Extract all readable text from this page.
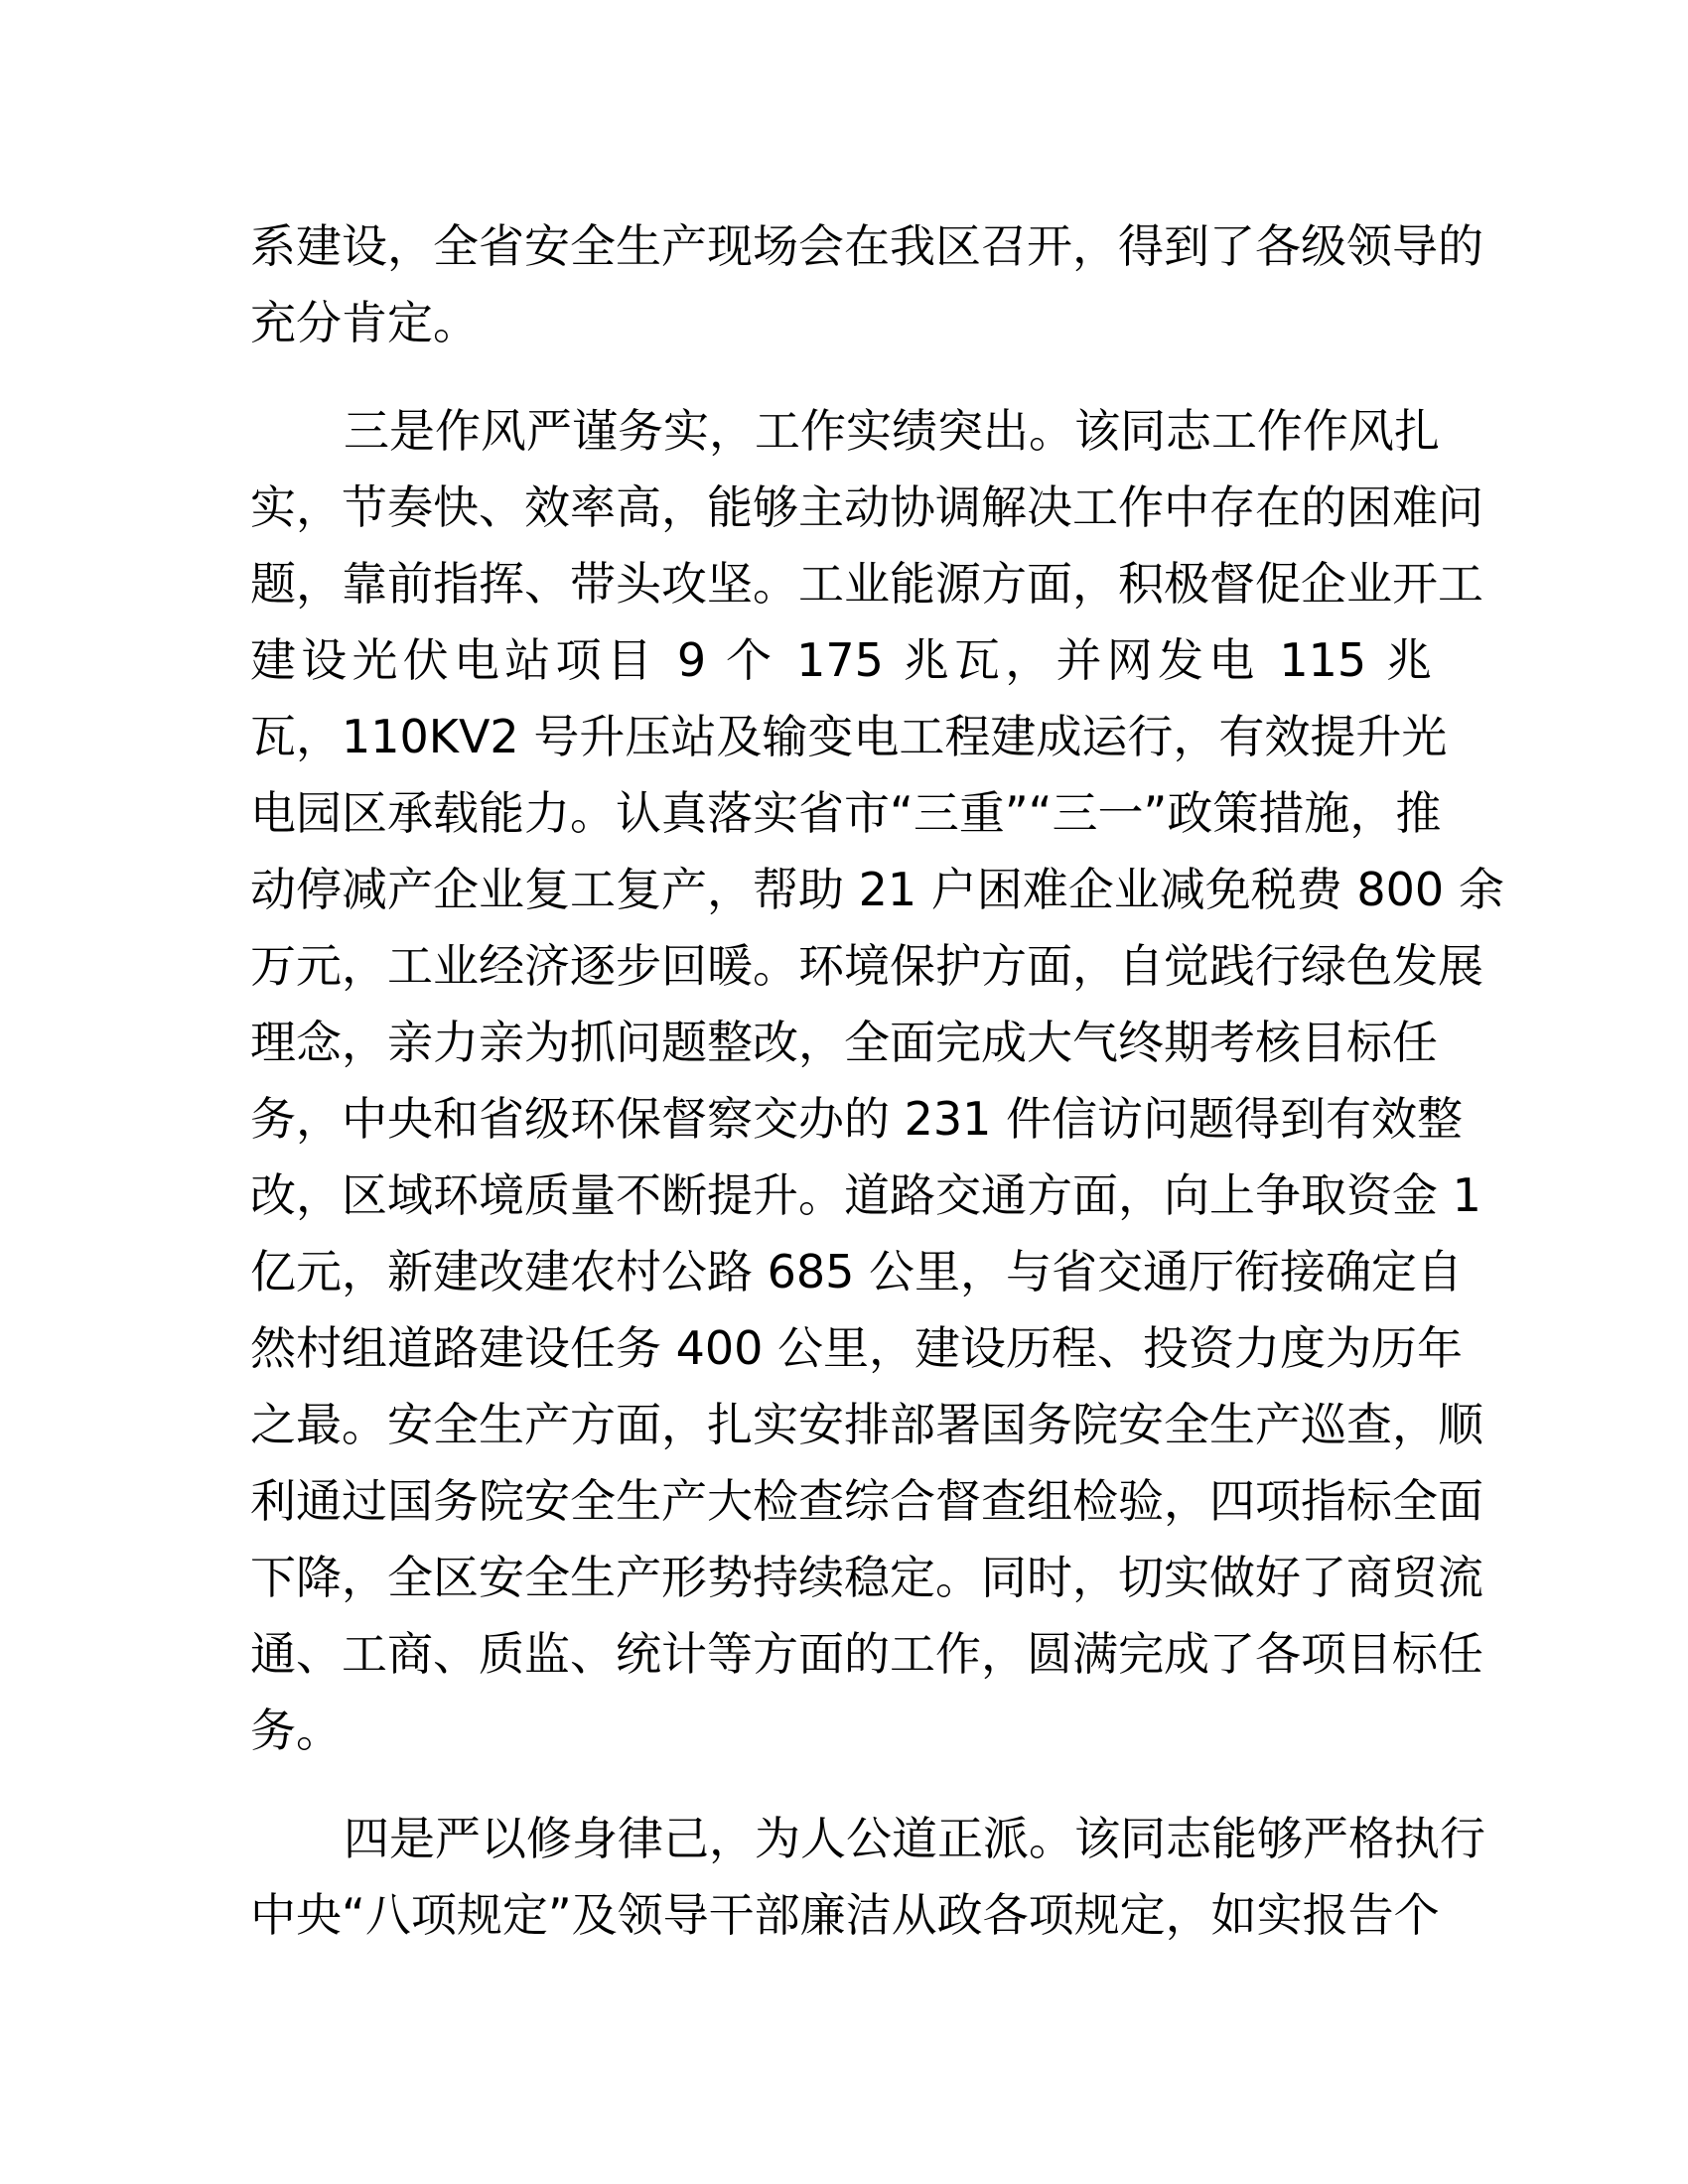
系建设，全省安全生产现场会在我区召开，得到了各级领导的
充分肯定。

三是作风严谨务实，工作实绩突出。该同志工作作风扎
实，节奏快、效率高，能够主动协调解决工作中存在的困难问
题，靠前指挥、带头攻坚。工业能源方面，积极督促企业开工
建设光伏电站项目 9 个 175 兆瓦，并网发电 115 兆
瓦，110KV2 号升压站及输变电工程建成运行，有效提升光
电园区承载能力。认真落实省市“三重”“三一”政策措施，推
动停减产企业复工复产，帮助 21 户困难企业减免税费 800 余
万元，工业经济逐步回暖。环境保护方面，自觉践行绿色发展
理念，亲力亲为抓问题整改，全面完成大气终期考核目标任
务，中央和省级环保督察交办的 231 件信访问题得到有效整
改，区域环境质量不断提升。道路交通方面，向上争取资金 1
亿元，新建改建农村公路 685 公里，与省交通厅衔接确定自
然村组道路建设任务 400 公里，建设历程、投资力度为历年
之最。安全生产方面，扎实安排部署国务院安全生产巡查，顺
利通过国务院安全生产大检查综合督查组检验，四项指标全面
下降，全区安全生产形势持续稳定。同时，切实做好了商贸流
通、工商、质监、统计等方面的工作，圆满完成了各项目标任
务。

四是严以修身律己，为人公道正派。该同志能够严格执行
中央“八项规定”及领导干部廉洁从政各项规定，如实报告个
